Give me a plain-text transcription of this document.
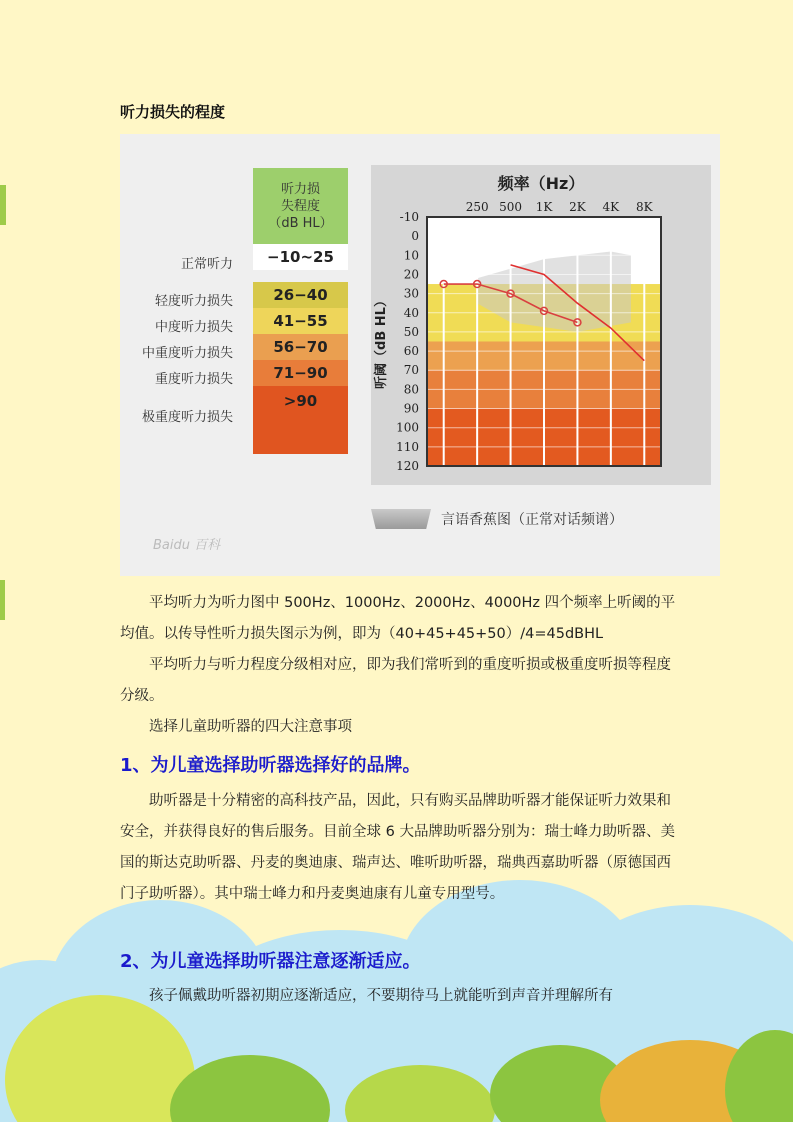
听力损失的程度
听力损
失程度
（dB HL）
−10~25
26−40
41−55
56−70
71−90
>90
正常听力
轻度听力损失
中度听力损失
中重度听力损失
重度听力损失
极重度听力损失
频率（Hz）
-10
0
10
20
30
40
50
60
70
80
90
100
110
120
250 500 1K 2K 4K 8K
听阈（dB HL）
言语香蕉图（正常对话频谱）
Baidu 百科
平均听力为听力图中 500Hz、1000Hz、2000Hz、4000Hz 四个频率上听阈的平均值。以传导性听力损失图示为例，即为（40+45+45+50）/4=45dBHL
平均听力与听力程度分级相对应，即为我们常听到的重度听损或极重度听损等程度分级。
选择儿童助听器的四大注意事项
1、为儿童选择助听器选择好的品牌。
助听器是十分精密的高科技产品，因此，只有购买品牌助听器才能保证听力效果和安全，并获得良好的售后服务。目前全球 6 大品牌助听器分别为：瑞士峰力助听器、美国的斯达克助听器、丹麦的奥迪康、瑞声达、唯听助听器，瑞典西嘉助听器（原德国西门子助听器）。其中瑞士峰力和丹麦奥迪康有儿童专用型号。
2、为儿童选择助听器注意逐渐适应。
孩子佩戴助听器初期应逐渐适应，不要期待马上就能听到声音并理解所有
